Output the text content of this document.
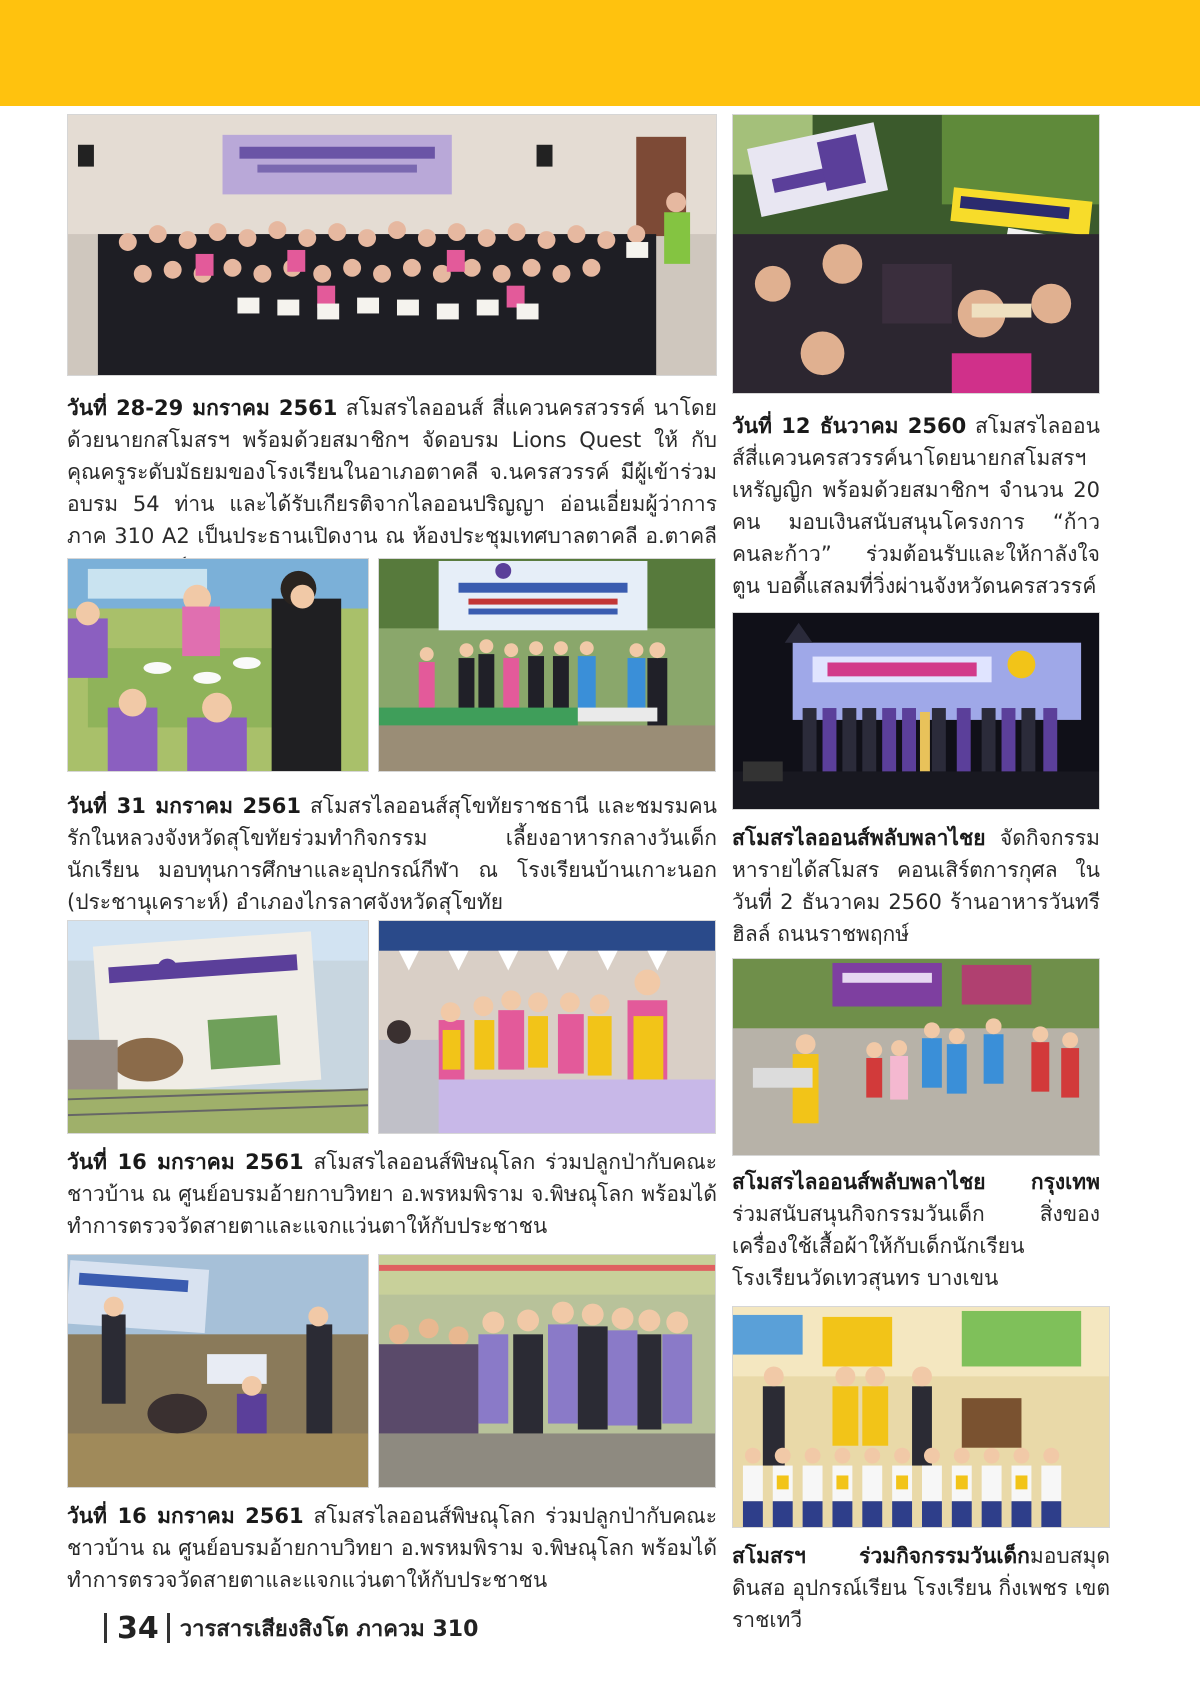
วันที่ 28-29 มกราคม 2561 สโมสรไลออนส์ สี่แควนครสวรรค์ นาโดยด้วยนายกสโมสรฯ พร้อมด้วยสมาชิกฯ จัดอบรม Lions Quest ให้ กับคุณครูระดับมัธยมของโรงเรียนในอาเภอตาคลี จ.นครสวรรค์ มีผู้เข้าร่วมอบรม 54 ท่าน และได้รับเกียรติจากไลออนปริญญา อ่อนเอี่ยมผู้ว่าการภาค 310 A2 เป็นประธานเปิดงาน ณ ห้องประชุมเทศบาลตาคลี อ.ตาคลี

วันที่ 12 ธันวาคม 2560 สโมสรไลออนส์สี่แควนครสวรรค์นาโดยนายกสโมสรฯ เหรัญญิก พร้อมด้วยสมาชิกฯ จำนวน 20 คน มอบเงินสนับสนุนโครงการ “ก้าวคนละก้าว” ร่วมต้อนรับและให้กาลังใจ ตูน บอดี้แสลมที่วิ่งผ่านจังหวัดนครสวรรค์

วันที่ 31 มกราคม 2561 สโมสรไลออนส์สุโขทัยราชธานี และชมรมคนรักในหลวงจังหวัดสุโขทัยร่วมทำกิจกรรม เลี้ยงอาหารกลางวันเด็กนักเรียน มอบทุนการศึกษาและอุปกรณ์กีฬา ณ โรงเรียนบ้านเกาะนอก (ประชานุเคราะห์) อำเภองไกรลาศจังหวัดสุโขทัย

สโมสรไลออนส์พลับพลาไชย จัดกิจกรรมหารายได้สโมสร คอนเสิร์ตการกุศล ในวันที่ 2 ธันวาคม 2560 ร้านอาหารวันทรีฮิลล์ ถนนราชพฤกษ์

วันที่ 16 มกราคม 2561 สโมสรไลออนส์พิษณุโลก ร่วมปลูกป่ากับคณะชาวบ้าน ณ ศูนย์อบรมอ้ายกาบวิทยา อ.พรหมพิราม จ.พิษณุโลก พร้อมได้ทำการตรวจวัดสายตาและแจกแว่นตาให้กับประชาชน

สโมสรไลออนส์พลับพลาไชย กรุงเทพ ร่วมสนับสนุนกิจกรรมวันเด็ก สิ่งของเครื่องใช้เสื้อผ้าให้กับเด็กนักเรียนโรงเรียนวัดเทวสุนทร บางเขน

วันที่ 16 มกราคม 2561 สโมสรไลออนส์พิษณุโลก ร่วมปลูกป่ากับคณะชาวบ้าน ณ ศูนย์อบรมอ้ายกาบวิทยา อ.พรหมพิราม จ.พิษณุโลก พร้อมได้ทำการตรวจวัดสายตาและแจกแว่นตาให้กับประชาชน

สโมสรฯ ร่วมกิจกรรมวันเด็กมอบสมุด ดินสอ อุปกรณ์เรียน โรงเรียน กิ่งเพชร เขต ราชเทวี

34 วารสารเสียงสิงโต ภาควม 310
